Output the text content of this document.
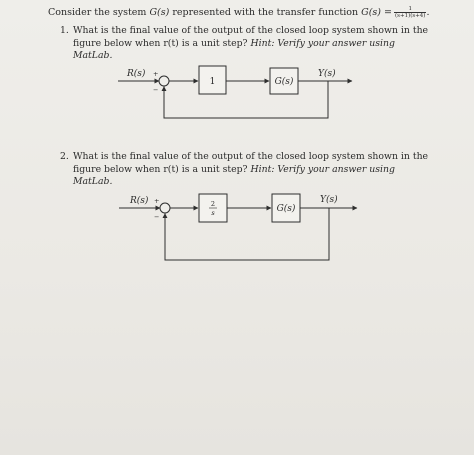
Consider the system G(s) represented with the transfer function $G(s) = \frac{1}{(s+1)(s+4)}$ .
1. What is the final value of the output of the closed loop system shown in the figure below when r(t) is a unit step? Hint: Verify your answer using MatLab.
2. What is the final value of the output of the closed loop system shown in the figure below when r(t) is a unit step? Hint: Verify your answer using MatLab.
R(s) +
−
1	G(s)
Y(s)
R(s) +
−
2
s	G(s)
Y(s)
